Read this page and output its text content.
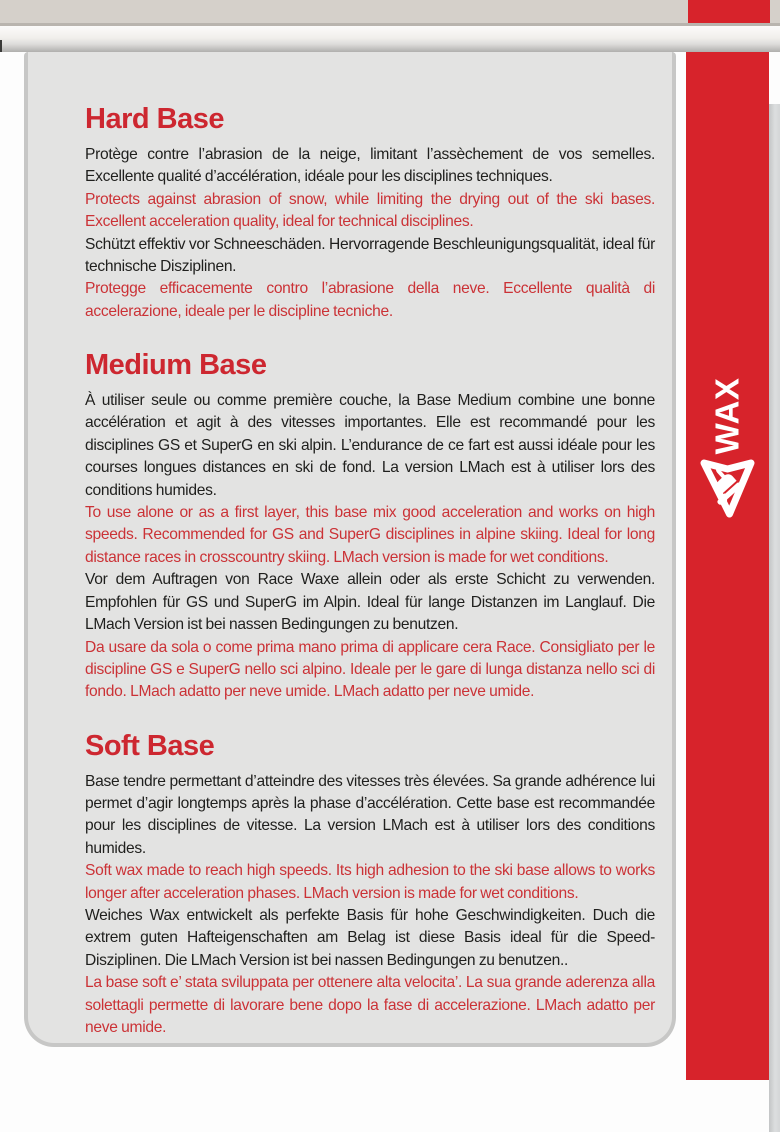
Hard Base

Protège contre l’abrasion de la neige, limitant l’assèchement de vos semelles. Excellente qualité d’accélération, idéale pour les disciplines techniques.

Protects against abrasion of snow, while limiting the drying out of the ski bases. Excellent acceleration quality, ideal for technical disciplines.

Schützt effektiv vor Schneeschäden. Hervorragende Beschleunigungsqualität, ideal für technische Disziplinen.

Protegge efficacemente contro l’abrasione della neve. Eccellente qualità di accelerazione, ideale per le discipline tecniche.

Medium Base

À utiliser seule ou comme première couche, la Base Medium combine une bonne accélération et agit à des vitesses importantes. Elle est recommandé pour les disciplines GS et SuperG en ski alpin. L’endurance de ce fart est aussi idéale pour les courses longues distances en ski de fond. La version LMach est à utiliser lors des conditions humides.

To use alone or as a first layer, this base mix good acceleration and works on high speeds. Recommended for GS and SuperG disciplines in alpine skiing. Ideal for long distance races in crosscountry skiing. LMach version is made for wet conditions.

Vor dem Auftragen von Race Waxe allein oder als erste Schicht zu verwenden. Empfohlen für GS und SuperG im Alpin. Ideal für lange Distanzen im Langlauf. Die LMach Version ist bei nassen Bedingungen zu benutzen.

Da usare da sola o come prima mano prima di applicare cera Race. Consigliato per le discipline GS e SuperG nello sci alpino. Ideale per le gare di lunga distanza nello sci di fondo. LMach adatto per neve umide. LMach adatto per neve umide.

Soft Base

Base tendre permettant d’atteindre des vitesses très élevées. Sa grande adhérence lui permet d’agir longtemps après la phase d’accélération. Cette base est recommandée pour les disciplines de vitesse. La version LMach est à utiliser lors des conditions humides.

Soft wax made to reach high speeds. Its high adhesion to the ski base allows to works longer after acceleration phases. LMach version is made for wet conditions.

Weiches Wax entwickelt als perfekte Basis für hohe Geschwindigkeiten. Duch die extrem guten Hafteigenschaften am Belag ist diese Basis ideal für die Speed-Disziplinen. Die LMach Version ist bei nassen Bedingungen zu benutzen..

La base soft e’ stata sviluppata per ottenere alta velocita’. La sua grande aderenza alla solettagli permette di lavorare bene dopo la fase di accelerazione. LMach adatto per neve umide.

WAX
